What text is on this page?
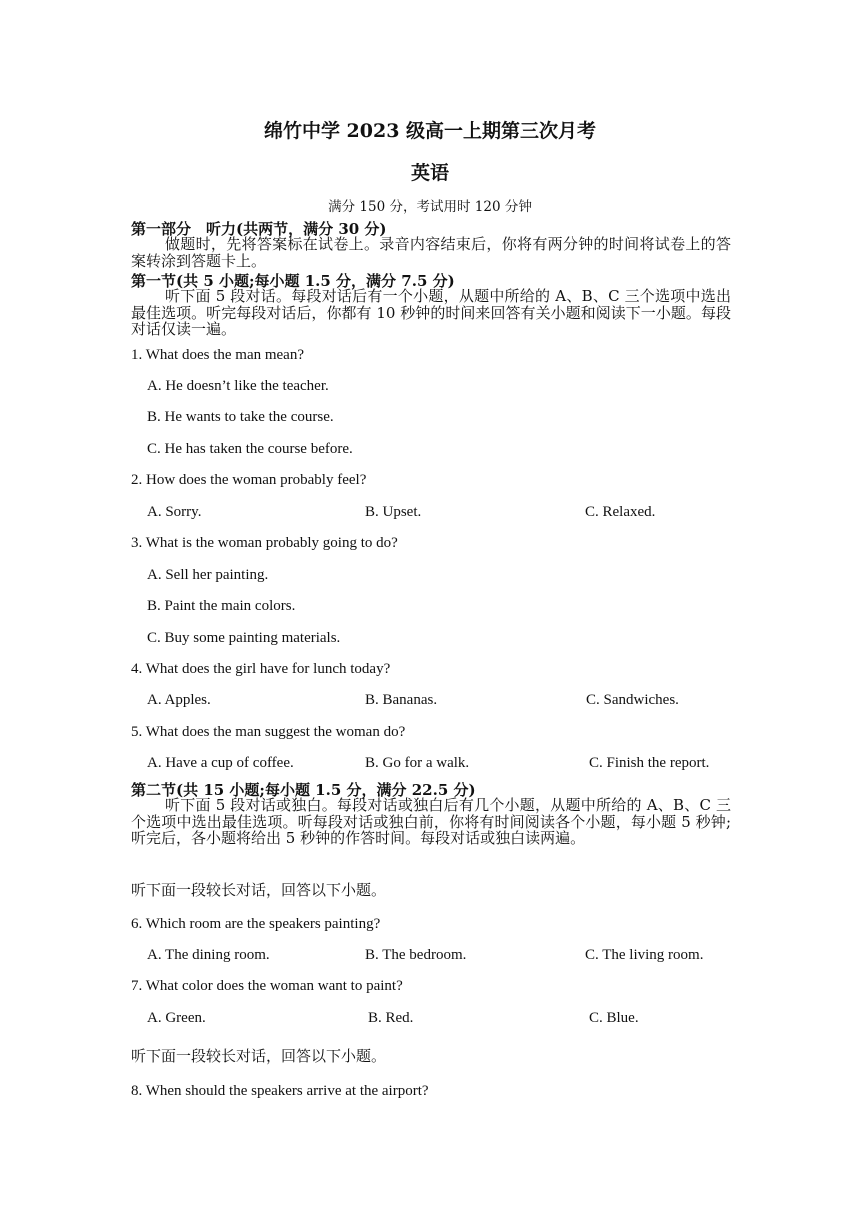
绵竹中学 2023 级高一上期第三次月考
英语
满分 150 分，考试用时 120 分钟
第一部分　听力(共两节，满分 30 分)
做题时，先将答案标在试卷上。录音内容结束后，你将有两分钟的时间将试卷上的答案转涂到答题卡上。
第一节(共 5 小题;每小题 1.5 分，满分 7.5 分)
听下面 5 段对话。每段对话后有一个小题，从题中所给的 A、B、C 三个选项中选出最佳选项。听完每段对话后，你都有 10 秒钟的时间来回答有关小题和阅读下一小题。每段对话仅读一遍。
1. What does the man mean?
A. He doesn’t like the teacher.
B. He wants to take the course.
C. He has taken the course before.
2. How does the woman probably feel?
A. Sorry.	B. Upset.	C. Relaxed.
3. What is the woman probably going to do?
A. Sell her painting.
B. Paint the main colors.
C. Buy some painting materials.
4. What does the girl have for lunch today?
A. Apples.	B. Bananas.	C. Sandwiches.
5. What does the man suggest the woman do?
A. Have a cup of coffee.	B. Go for a walk.	C. Finish the report.
第二节(共 15 小题;每小题 1.5 分，满分 22.5 分)
听下面 5 段对话或独白。每段对话或独白后有几个小题，从题中所给的 A、B、C 三个选项中选出最佳选项。听每段对话或独白前，你将有时间阅读各个小题，每小题 5 秒钟;听完后，各小题将给出 5 秒钟的作答时间。每段对话或独白读两遍。
听下面一段较长对话，回答以下小题。
6. Which room are the speakers painting?
A. The dining room.	B. The bedroom.	C. The living room.
7. What color does the woman want to paint?
A. Green.	B. Red.	C. Blue.
听下面一段较长对话，回答以下小题。
8. When should the speakers arrive at the airport?
